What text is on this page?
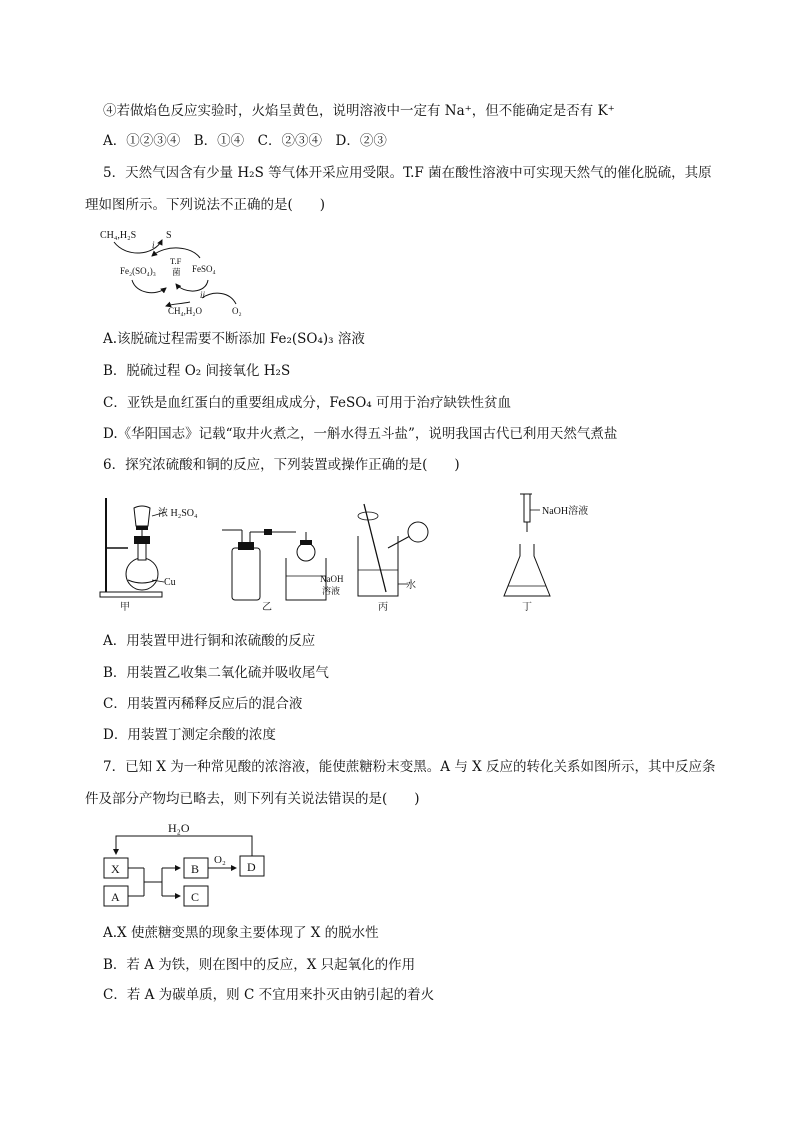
④若做焰色反应实验时，火焰呈黄色，说明溶液中一定有 Na⁺，但不能确定是否有 K⁺
A．①②③④　B．①④　C．②③④　D．②③
5．天然气因含有少量 H₂S 等气体开采应用受限。T.F 菌在酸性溶液中可实现天然气的催化脱硫，其原
理如图所示。下列说法不正确的是(　　)
CH₄,H₂S	S
i
Fe₂(SO₄)₃
T.F
菌 FeSO₄
ii
CH₄,H₂O	O₂
A.该脱硫过程需要不断添加 Fe₂(SO₄)₃ 溶液
B．脱硫过程 O₂ 间接氧化 H₂S
C．亚铁是血红蛋白的重要组成成分，FeSO₄ 可用于治疗缺铁性贫血
D.《华阳国志》记载“取井火煮之，一斛水得五斗盐”，说明我国古代已利用天然气煮盐
6．探究浓硫酸和铜的反应，下列装置或操作正确的是(　　)
浓 H₂SO₄
Cu
甲
NaOH
溶液
乙
水
丙
NaOH溶液
丁
A．用装置甲进行铜和浓硫酸的反应
B．用装置乙收集二氧化硫并吸收尾气
C．用装置丙稀释反应后的混合液
D．用装置丁测定余酸的浓度
7．已知 X 为一种常见酸的浓溶液，能使蔗糖粉末变黑。A 与 X 反应的转化关系如图所示，其中反应条
件及部分产物均已略去，则下列有关说法错误的是(　　)
H₂O
X
A
B
C
O₂ D
A.X 使蔗糖变黑的现象主要体现了 X 的脱水性
B．若 A 为铁，则在图中的反应，X 只起氧化的作用
C．若 A 为碳单质，则 C 不宜用来扑灭由钠引起的着火
